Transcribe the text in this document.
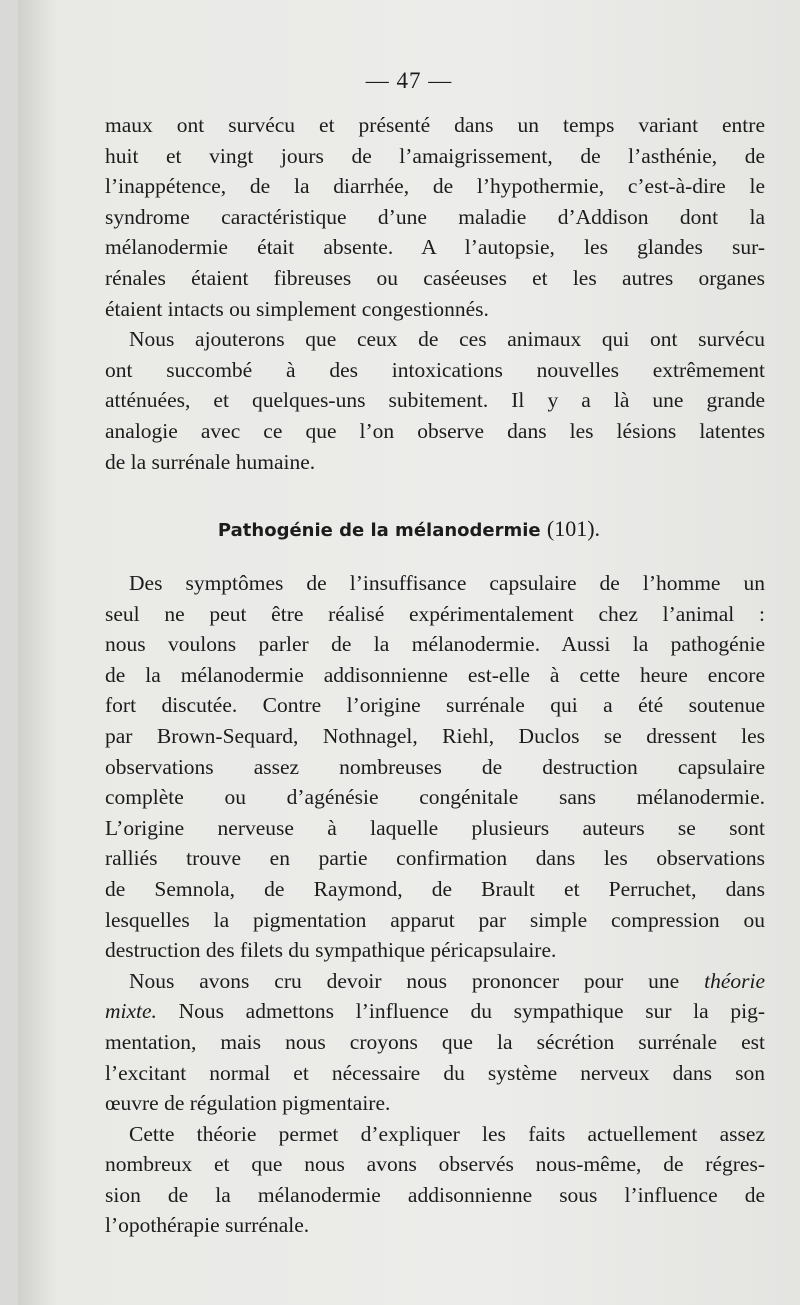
— 47 —
maux ont survécu et présenté dans un temps variant entre
huit et vingt jours de l’amaigrissement, de l’asthénie, de
l’inappétence, de la diarrhée, de l’hypothermie, c’est-à-dire le
syndrome caractéristique d’une maladie d’Addison dont la
mélanodermie était absente. A l’autopsie, les glandes sur-
rénales étaient fibreuses ou caséeuses et les autres organes
étaient intacts ou simplement congestionnés.
Nous ajouterons que ceux de ces animaux qui ont survécu
ont succombé à des intoxications nouvelles extrêmement
atténuées, et quelques-uns subitement. Il y a là une grande
analogie avec ce que l’on observe dans les lésions latentes
de la surrénale humaine.
Pathogénie de la mélanodermie (101).
Des symptômes de l’insuffisance capsulaire de l’homme un
seul ne peut être réalisé expérimentalement chez l’animal :
nous voulons parler de la mélanodermie. Aussi la pathogénie
de la mélanodermie addisonnienne est-elle à cette heure encore
fort discutée. Contre l’origine surrénale qui a été soutenue
par Brown-Sequard, Nothnagel, Riehl, Duclos se dressent les
observations assez nombreuses de destruction capsulaire
complète ou d’agénésie congénitale sans mélanodermie.
L’origine nerveuse à laquelle plusieurs auteurs se sont
ralliés trouve en partie confirmation dans les observations
de Semnola, de Raymond, de Brault et Perruchet, dans
lesquelles la pigmentation apparut par simple compression ou
destruction des filets du sympathique péricapsulaire.
Nous avons cru devoir nous prononcer pour une théorie
mixte. Nous admettons l’influence du sympathique sur la pig-
mentation, mais nous croyons que la sécrétion surrénale est
l’excitant normal et nécessaire du système nerveux dans son
œuvre de régulation pigmentaire.
Cette théorie permet d’expliquer les faits actuellement assez
nombreux et que nous avons observés nous-même, de régres-
sion de la mélanodermie addisonnienne sous l’influence de
l’opothérapie surrénale.
